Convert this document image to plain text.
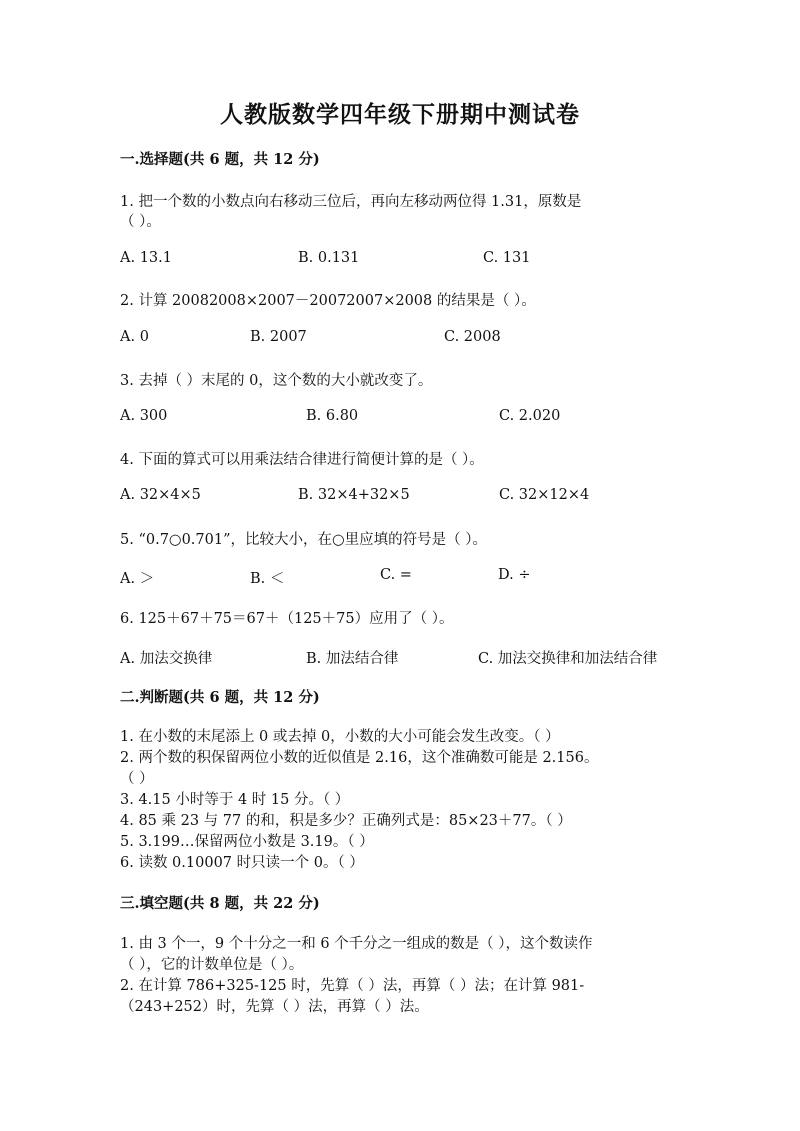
人教版数学四年级下册期中测试卷
一.选择题(共 6 题，共 12 分)
1. 把一个数的小数点向右移动三位后，再向左移动两位得 1.31，原数是
（ ）。
A. 13.1	B. 0.131	C. 131
2. 计算 20082008×2007－20072007×2008 的结果是（ ）。
A. 0	B. 2007	C. 2008
3. 去掉（ ）末尾的 0，这个数的大小就改变了。
A. 300	B. 6.80	C. 2.020
4. 下面的算式可以用乘法结合律进行简便计算的是（ ）。
A. 32×4×5	B. 32×4+32×5	C. 32×12×4
5. “0.7○0.701”，比较大小，在○里应填的符号是（ ）。
A. ＞	B. ＜	C. =	D. ÷
6. 125＋67＋75＝67＋（125＋75）应用了（ ）。
A. 加法交换律	B. 加法结合律	C. 加法交换律和加法结合律
二.判断题(共 6 题，共 12 分)
1. 在小数的末尾添上 0 或去掉 0，小数的大小可能会发生改变。（ ）
2. 两个数的积保留两位小数的近似值是 2.16，这个准确数可能是 2.156。
（ ）
3. 4.15 小时等于 4 时 15 分。（ ）
4. 85 乘 23 与 77 的和，积是多少？正确列式是：85×23＋77。（ ）
5. 3.199…保留两位小数是 3.19。（ ）
6. 读数 0.10007 时只读一个 0。（ ）
三.填空题(共 8 题，共 22 分)
1. 由 3 个一，9 个十分之一和 6 个千分之一组成的数是（ ），这个数读作
（ ），它的计数单位是（ ）。
2. 在计算 786+325-125 时，先算（ ）法，再算（ ）法；在计算 981-
（243+252）时，先算（ ）法，再算（ ）法。
